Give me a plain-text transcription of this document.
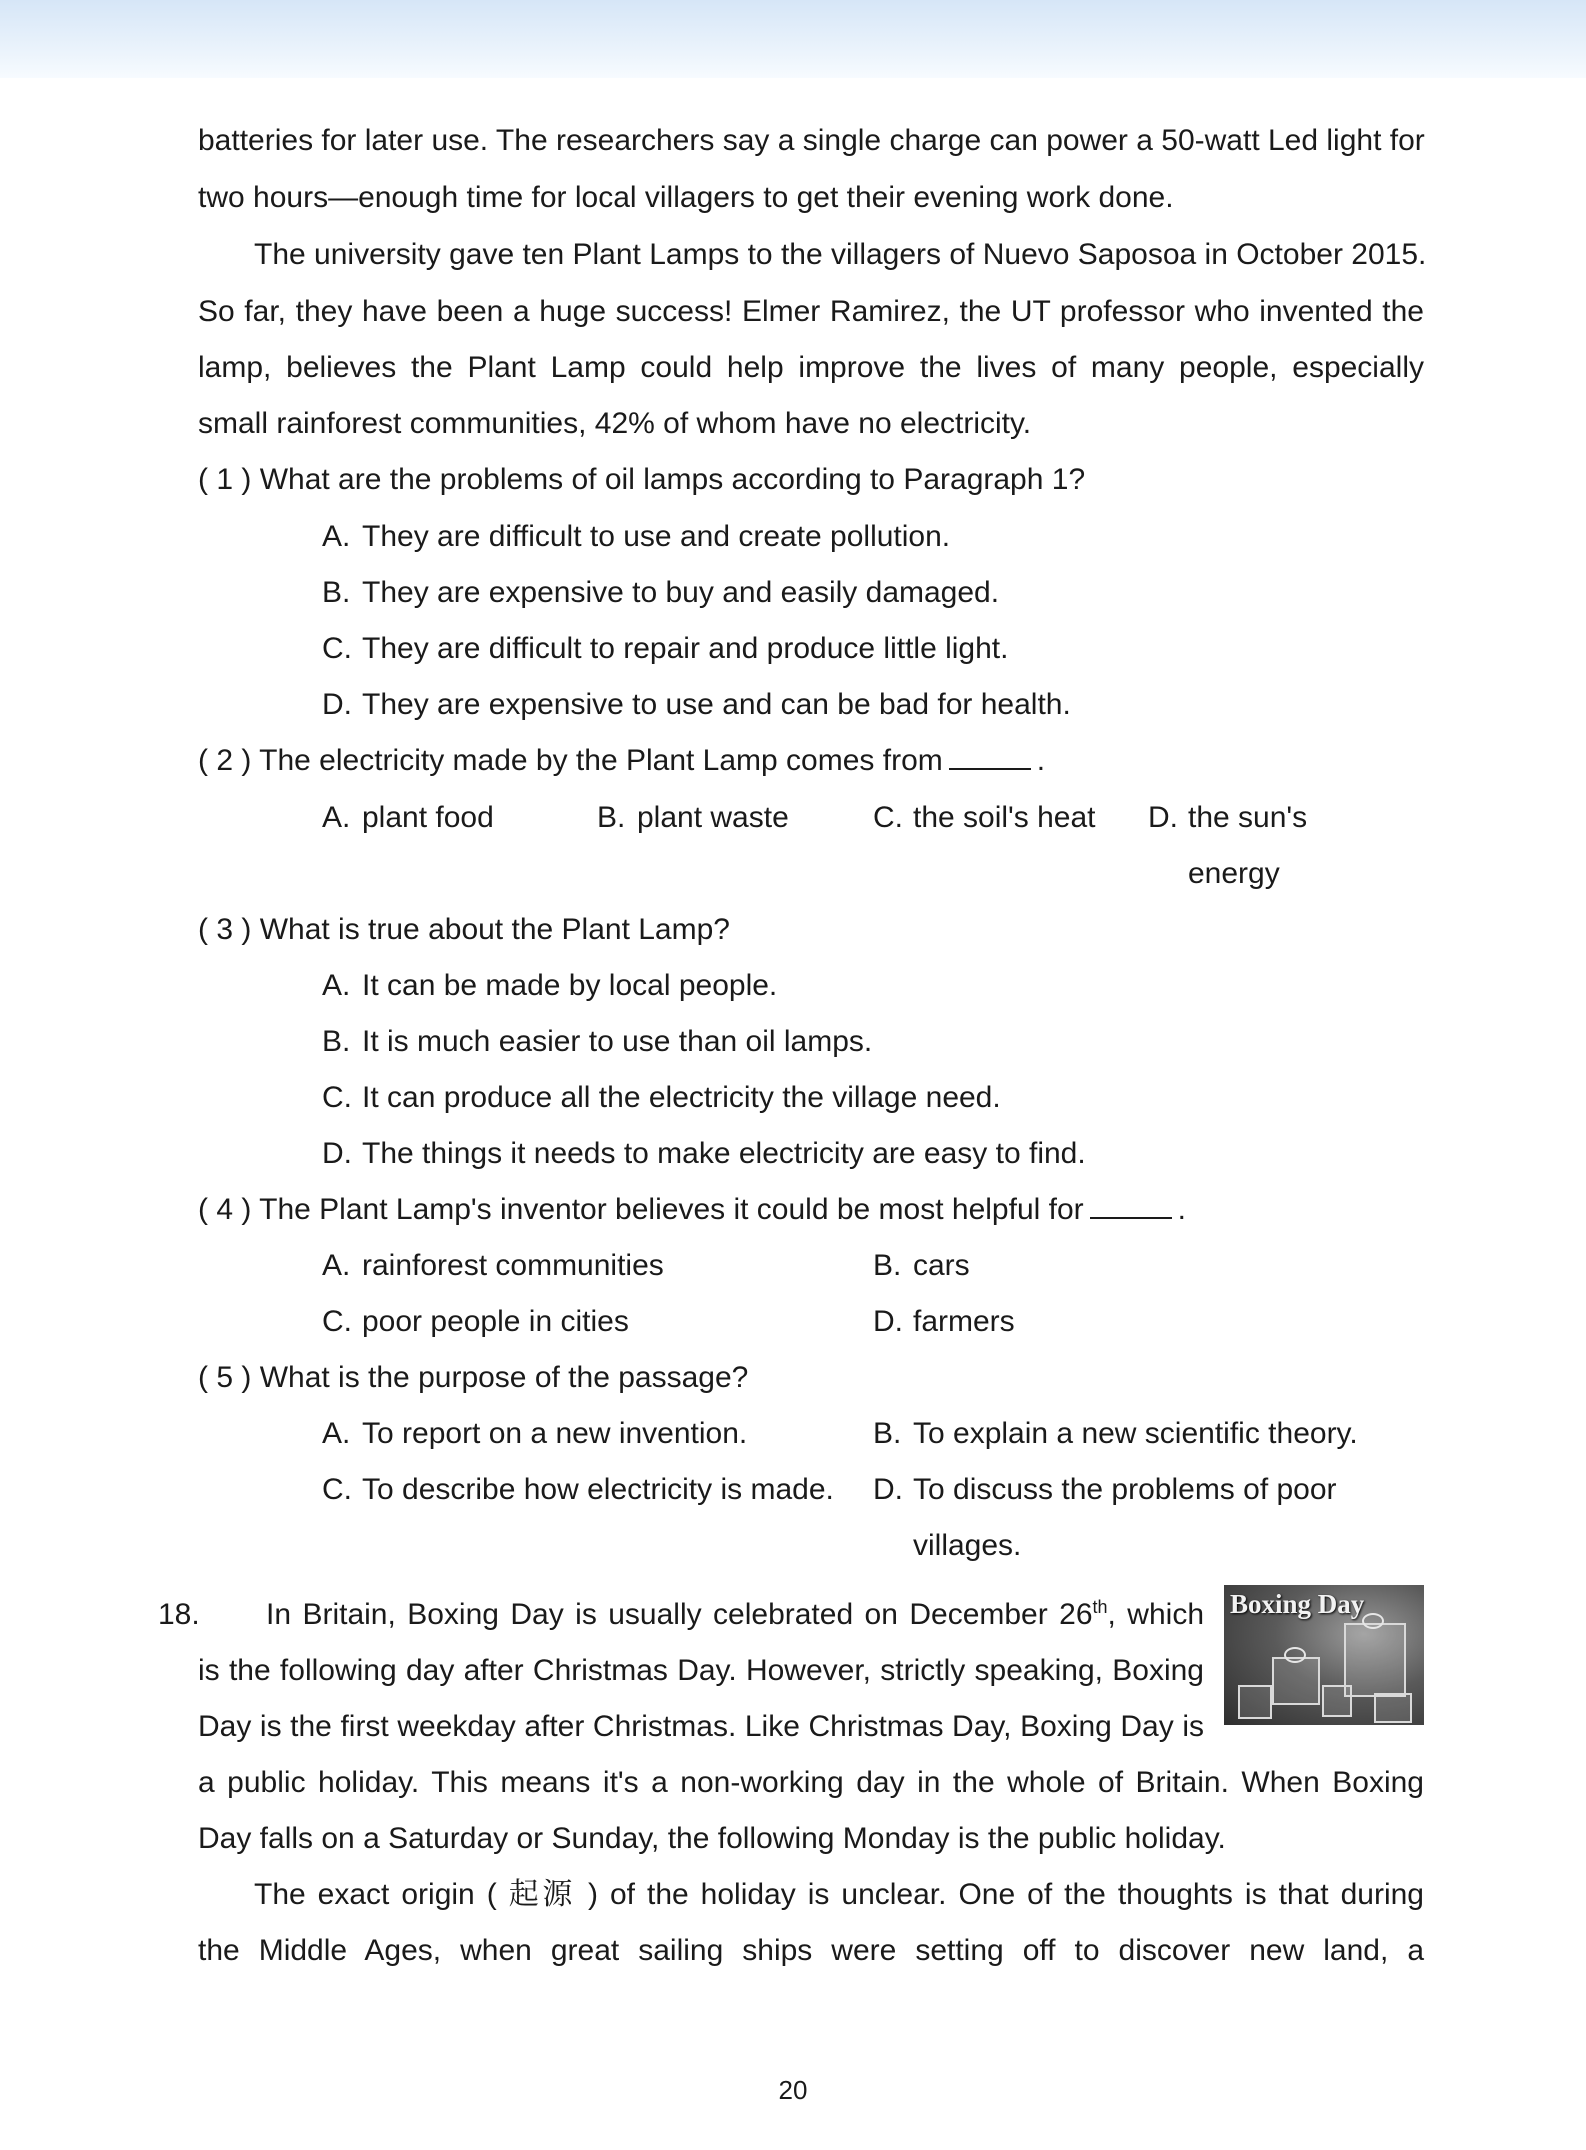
batteries for later use. The researchers say a single charge can power a 50-watt Led light for
two hours—enough time for local villagers to get their evening work done.
The university gave ten Plant Lamps to the villagers of Nuevo Saposoa in October 2015.
So far, they have been a huge success! Elmer Ramirez, the UT professor who invented the
lamp, believes the Plant Lamp could help improve the lives of many people, especially
small rainforest communities, 42% of whom have no electricity.
( 1 ) What are the problems of oil lamps according to Paragraph 1?
A. They are difficult to use and create pollution.
B. They are expensive to buy and easily damaged.
C. They are difficult to repair and produce little light.
D. They are expensive to use and can be bad for health.
( 2 ) The electricity made by the Plant Lamp comes from	.
A. plant food	B. plant waste	C. the soil's heat D. the sun's
energy
( 3 ) What is true about the Plant Lamp?
A. It can be made by local people.
B. It is much easier to use than oil lamps.
C. It can produce all the electricity the village need.
D. The things it needs to make electricity are easy to find.
( 4 ) The Plant Lamp's inventor believes it could be most helpful for	.
A. rainforest communities	B. cars
C. poor people in cities	D. farmers
( 5 ) What is the purpose of the passage?
A. To report on a new invention.	B. To explain a new scientific theory.
C. To describe how electricity is made. D. To discuss the problems of poor
villages.
18. In Britain, Boxing Day is usually celebrated on December 26th, which
is the following day after Christmas Day. However, strictly speaking, Boxing
Day is the first weekday after Christmas. Like Christmas Day, Boxing Day is
a public holiday. This means it's a non-working day in the whole of Britain. When Boxing
Day falls on a Saturday or Sunday, the following Monday is the public holiday.
The exact origin ( 起源 ) of the holiday is unclear. One of the thoughts is that during
the Middle Ages, when great sailing ships were setting off to discover new land, a
Boxing Day
20
